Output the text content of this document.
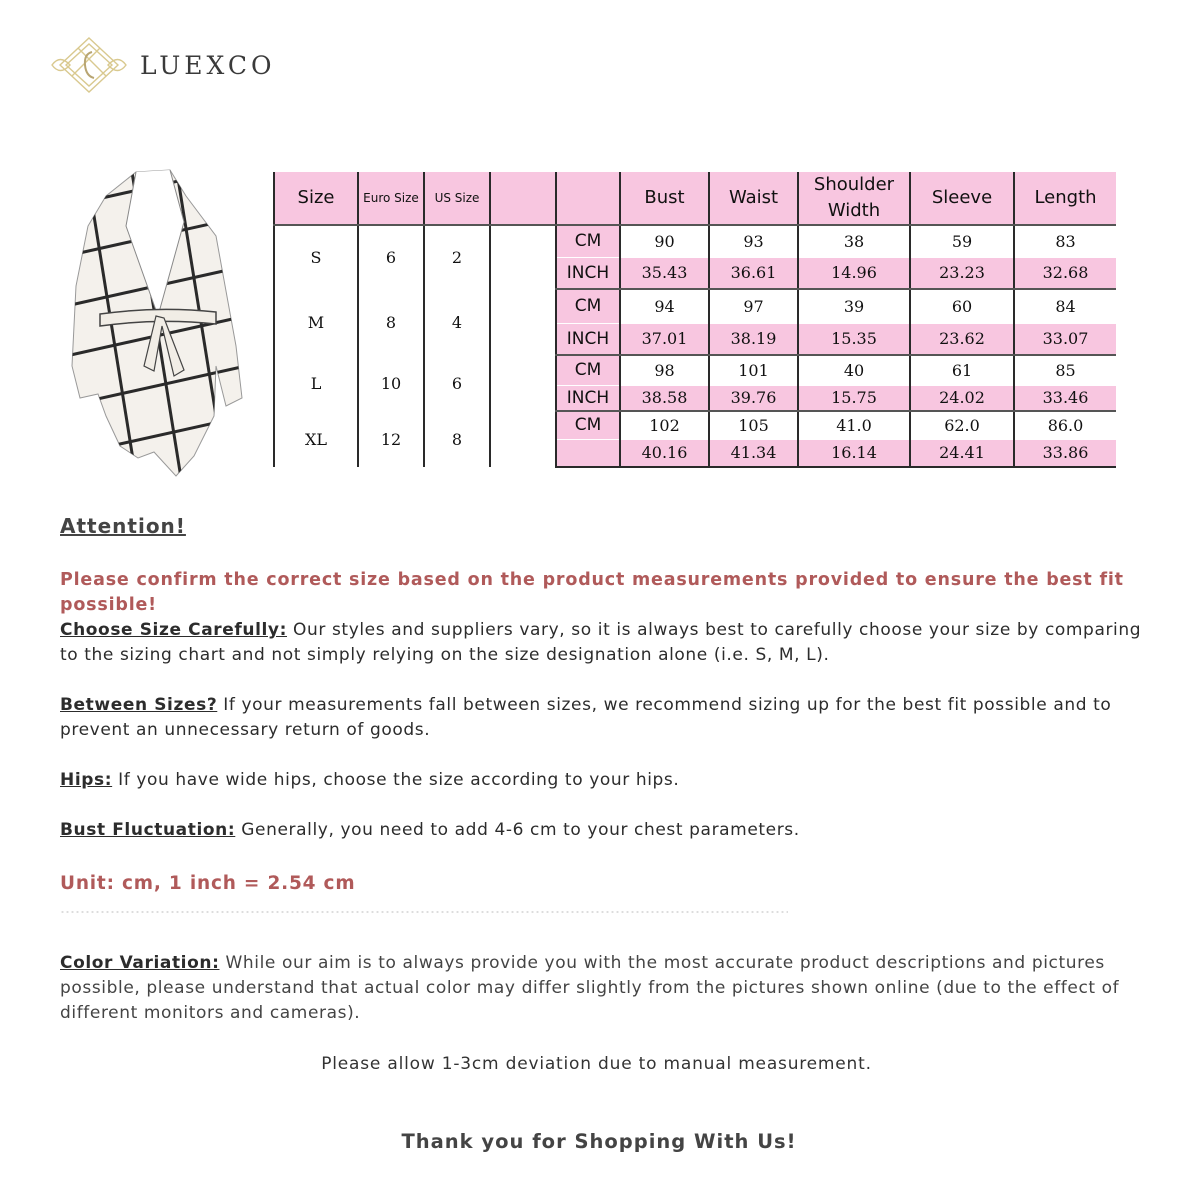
LUEXCO
Size	Euro Size	US Size			Bust	Waist	Shoulder Width	Sleeve	Length
S	6	2		CM	90	93	38	59	83
				INCH	35.43	36.61	14.96	23.23	32.68
M	8	4		CM	94	97	39	60	84
				INCH	37.01	38.19	15.35	23.62	33.07
L	10	6		CM	98	101	40	61	85
				INCH	38.58	39.76	15.75	24.02	33.46
XL	12	8		CM	102	105	41.0	62.0	86.0
					40.16	41.34	16.14	24.41	33.86
Attention!
Please confirm the correct size based on the product measurements provided to ensure the best fit possible!
Choose Size Carefully: Our styles and suppliers vary, so it is always best to carefully choose your size by comparing to the sizing chart and not simply relying on the size designation alone (i.e. S, M, L).
Between Sizes? If your measurements fall between sizes, we recommend sizing up for the best fit possible and to prevent an unnecessary return of goods.
Hips: If you have wide hips, choose the size according to your hips.
Bust Fluctuation: Generally, you need to add 4-6 cm to your chest parameters.
Unit: cm, 1 inch = 2.54 cm
Color Variation: While our aim is to always provide you with the most accurate product descriptions and pictures possible, please understand that actual color may differ slightly from the pictures shown online (due to the effect of different monitors and cameras).
Please allow 1-3cm deviation due to manual measurement.
Thank you for Shopping With Us!
